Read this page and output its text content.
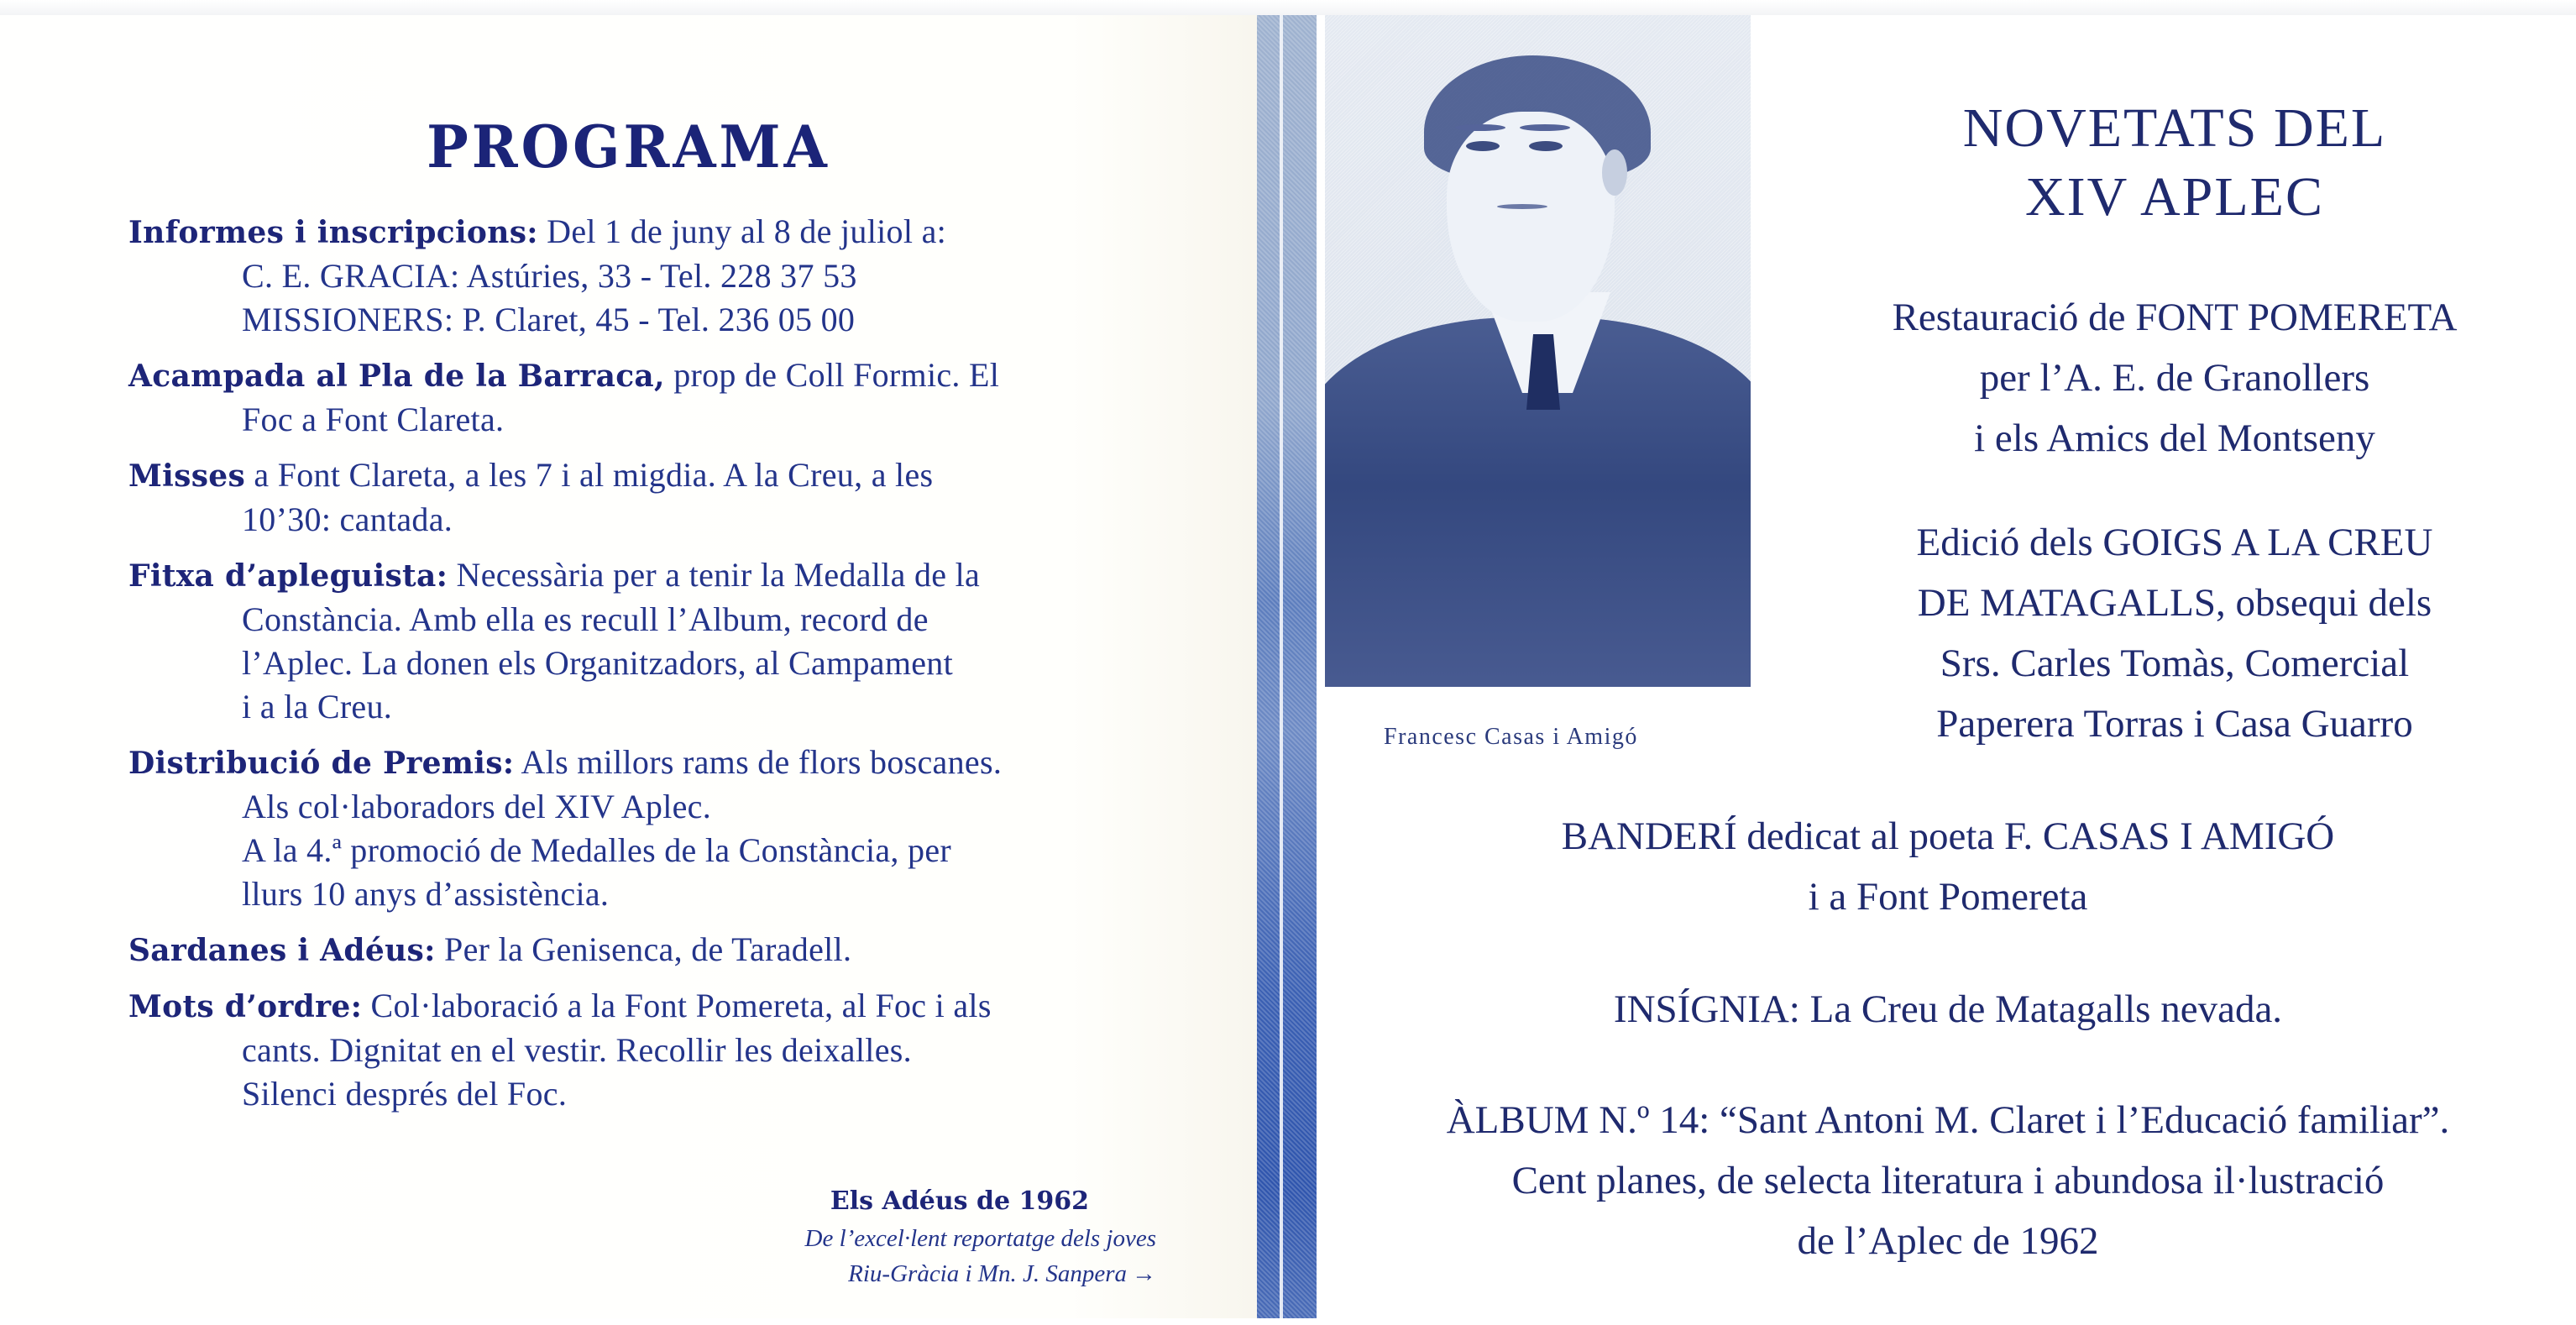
PROGRAMA
Informes i inscripcions: Del 1 de juny al 8 de juliol a:
C. E. GRACIA: Astúries, 33 - Tel. 228 37 53
MISSIONERS: P. Claret, 45 - Tel. 236 05 00
Acampada al Pla de la Barraca, prop de Coll Formic. El
Foc a Font Clareta.
Misses a Font Clareta, a les 7 i al migdia. A la Creu, a les
10’30: cantada.
Fitxa d’apleguista: Necessària per a tenir la Medalla de la
Constància. Amb ella es recull l’Album, record de
l’Aplec. La donen els Organitzadors, al Campament
i a la Creu.
Distribució de Premis: Als millors rams de flors boscanes.
Als col·laboradors del XIV Aplec.
A la 4.ª promoció de Medalles de la Constància, per
llurs 10 anys d’assistència.
Sardanes i Adéus: Per la Genisenca, de Taradell.
Mots d’ordre: Col·laboració a la Font Pomereta, al Foc i als
cants. Dignitat en el vestir. Recollir les deixalles.
Silenci després del Foc.
Els Adéus de 1962
De l’excel·lent reportatge dels joves
Riu-Gràcia i Mn. J. Sanpera →
Francesc Casas i Amigó
NOVETATS DEL
XIV APLEC
Restauració de FONT POMERETA
per l’A. E. de Granollers
i els Amics del Montseny
Edició dels GOIGS A LA CREU
DE MATAGALLS, obsequi dels
Srs. Carles Tomàs, Comercial
Paperera Torras i Casa Guarro
BANDERÍ dedicat al poeta F. CASAS I AMIGÓ
i a Font Pomereta
INSÍGNIA: La Creu de Matagalls nevada.
ÀLBUM N.º 14: “Sant Antoni M. Claret i l’Educació familiar”.
Cent planes, de selecta literatura i abundosa il·lustració
de l’Aplec de 1962
